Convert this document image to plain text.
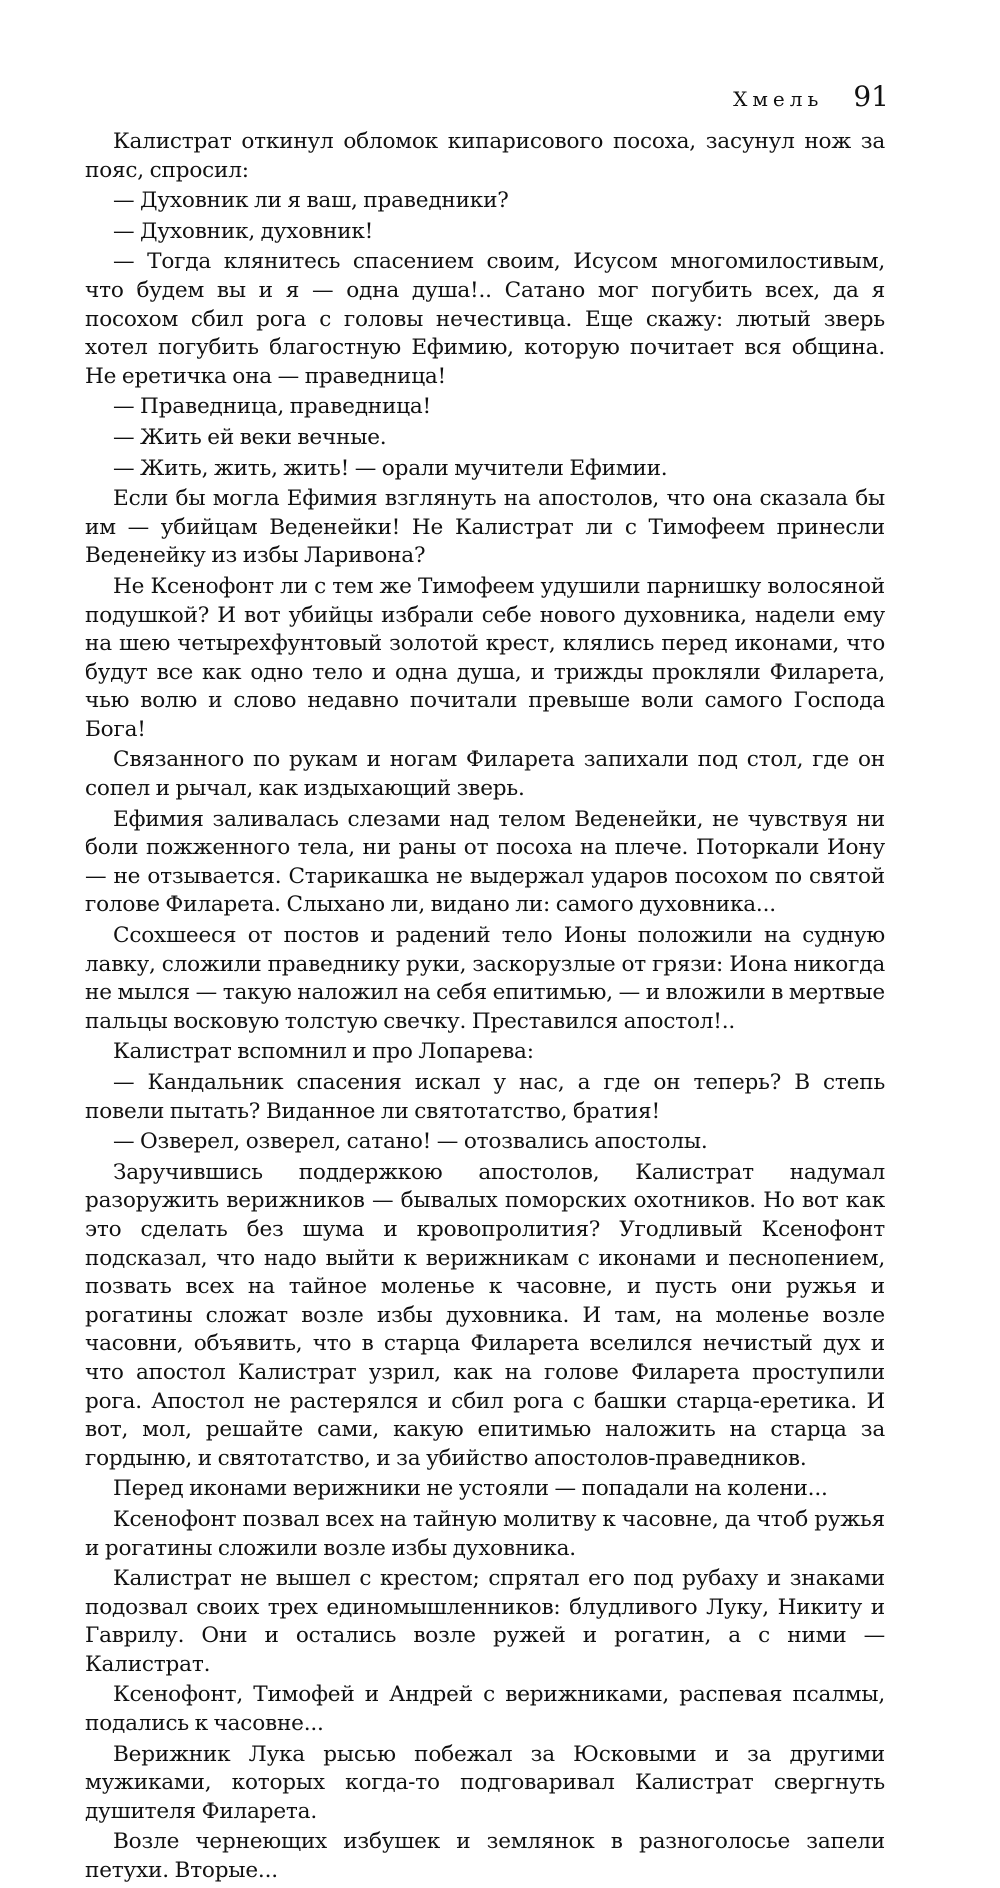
Хмель 91

Калистрат откинул обломок кипарисового посоха, засунул нож за пояс, спросил:

— Духовник ли я ваш, праведники?

— Духовник, духовник!

— Тогда клянитесь спасением своим, Исусом многомилостивым, что будем вы и я — одна душа!.. Сатано мог погубить всех, да я посохом сбил рога с головы нечестивца. Еще скажу: лютый зверь хотел погубить благостную Ефимию, которую почитает вся община. Не еретичка она — праведница!

— Праведница, праведница!

— Жить ей веки вечные.

— Жить, жить, жить! — орали мучители Ефимии.

Если бы могла Ефимия взглянуть на апостолов, что она сказала бы им — убийцам Веденейки! Не Калистрат ли с Тимофеем принесли Веденейку из избы Ларивона?

Не Ксенофонт ли с тем же Тимофеем удушили парнишку волосяной подушкой? И вот убийцы избрали себе нового духовника, надели ему на шею четырехфунтовый золотой крест, клялись перед иконами, что будут все как одно тело и одна душа, и трижды прокляли Филарета, чью волю и слово недавно почитали превыше воли самого Господа Бога!

Связанного по рукам и ногам Филарета запихали под стол, где он сопел и рычал, как издыхающий зверь.

Ефимия заливалась слезами над телом Веденейки, не чувствуя ни боли пожженного тела, ни раны от посоха на плече. Поторкали Иону — не отзывается. Старикашка не выдержал ударов посохом по святой голове Филарета. Слыхано ли, видано ли: самого духовника...

Ссохшееся от постов и радений тело Ионы положили на судную лавку, сложили праведнику руки, заскорузлые от грязи: Иона никогда не мылся — такую наложил на себя епитимью, — и вложили в мертвые пальцы восковую толстую свечку. Преставился апостол!..

Калистрат вспомнил и про Лопарева:

— Кандальник спасения искал у нас, а где он теперь? В степь повели пытать? Виданное ли святотатство, братия!

— Озверел, озверел, сатано! — отозвались апостолы.

Заручившись поддержкою апостолов, Калистрат надумал разоружить верижников — бывалых поморских охотников. Но вот как это сделать без шума и кровопролития? Угодливый Ксенофонт подсказал, что надо выйти к верижникам с иконами и песнопением, позвать всех на тайное моленье к часовне, и пусть они ружья и рогатины сложат возле избы духовника. И там, на моленье возле часовни, объявить, что в старца Филарета вселился нечистый дух и что апостол Калистрат узрил, как на голове Филарета проступили рога. Апостол не растерялся и сбил рога с башки старца-еретика. И вот, мол, решайте сами, какую епитимью наложить на старца за гордыню, и святотатство, и за убийство апостолов-праведников.

Перед иконами верижники не устояли — попадали на колени...

Ксенофонт позвал всех на тайную молитву к часовне, да чтоб ружья и рогатины сложили возле избы духовника.

Калистрат не вышел с крестом; спрятал его под рубаху и знаками подозвал своих трех единомышленников: блудливого Луку, Никиту и Гаврилу. Они и остались возле ружей и рогатин, а с ними — Калистрат.

Ксенофонт, Тимофей и Андрей с верижниками, распевая псалмы, подались к часовне...

Верижник Лука рысью побежал за Юсковыми и за другими мужиками, которых когда-то подговаривал Калистрат свергнуть душителя Филарета.

Возле чернеющих избушек и землянок в разноголосье запели петухи. Вторые...
